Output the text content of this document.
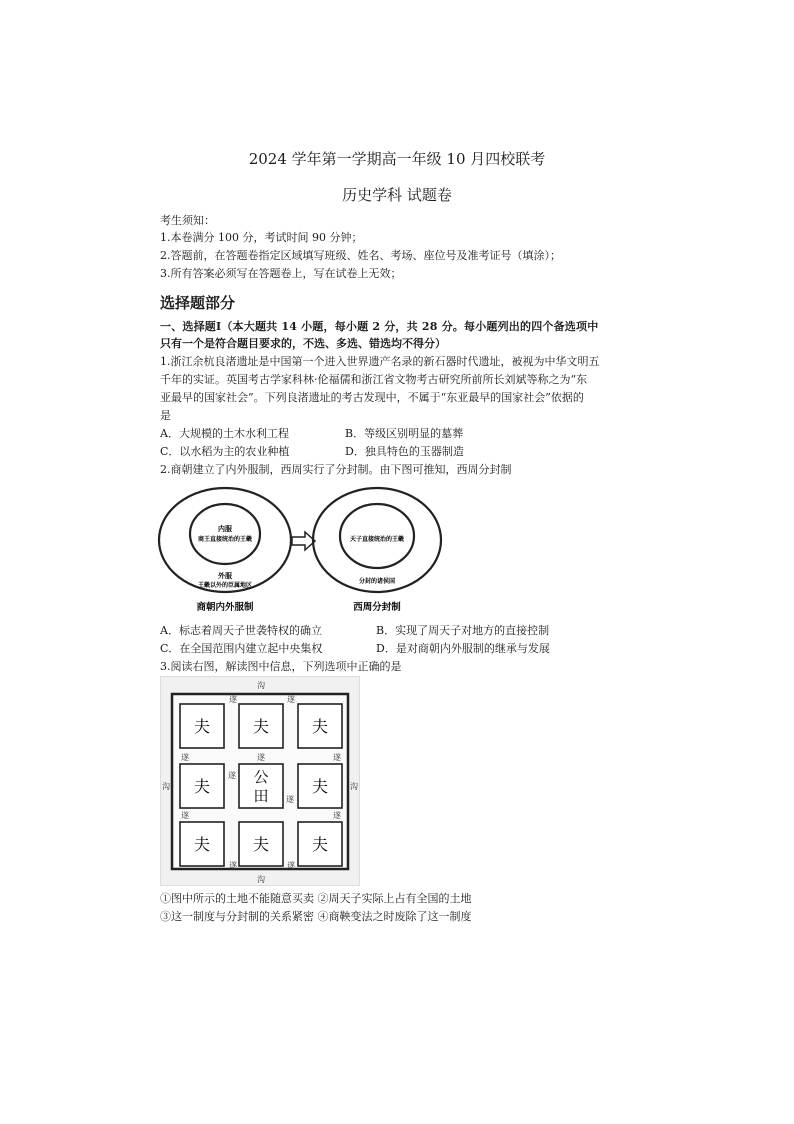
2024 学年第一学期高一年级 10 月四校联考
历史学科 试题卷
考生须知：
1.本卷满分 100 分，考试时间 90 分钟；
2.答题前，在答题卷指定区域填写班级、姓名、考场、座位号及准考证号（填涂）；
3.所有答案必须写在答题卷上，写在试卷上无效；
选择题部分
一、选择题Ⅰ（本大题共 14 小题，每小题 2 分，共 28 分。每小题列出的四个备选项中
只有一个是符合题目要求的，不选、多选、错选均不得分）
1.浙江余杭良渚遗址是中国第一个进入世界遗产名录的新石器时代遗址，被视为中华文明五
千年的实证。英国考古学家科林·伦福儒和浙江省文物考古研究所前所长刘斌等称之为“东
亚最早的国家社会”。下列良渚遗址的考古发现中，不属于“东亚最早的国家社会”依据的
是
A．大规模的土木水利工程	B．等级区别明显的墓葬
C．以水稻为主的农业种植	D．独具特色的玉器制造
2.商朝建立了内外服制，西周实行了分封制。由下图可推知，西周分封制
内服
商王直接统治的王畿
外服
王畿以外的臣属地区
商朝内外服制
天子直接统治的王畿
分封的诸侯国
西周分封制
A．标志着周天子世袭特权的确立	B．实现了周天子对地方的直接控制
C．在全国范围内建立起中央集权	D．是对商朝内外服制的继承与发展
3.阅读右图，解读图中信息，下列选项中正确的是
夫	夫	夫
夫	夫
夫	夫	夫
公
田
沟
沟
沟	沟
遂	遂
遂
遂
遂	遂
遂
遂	遂
遂	遂
①图中所示的土地不能随意买卖 ②周天子实际上占有全国的土地
③这一制度与分封制的关系紧密 ④商鞅变法之时废除了这一制度
